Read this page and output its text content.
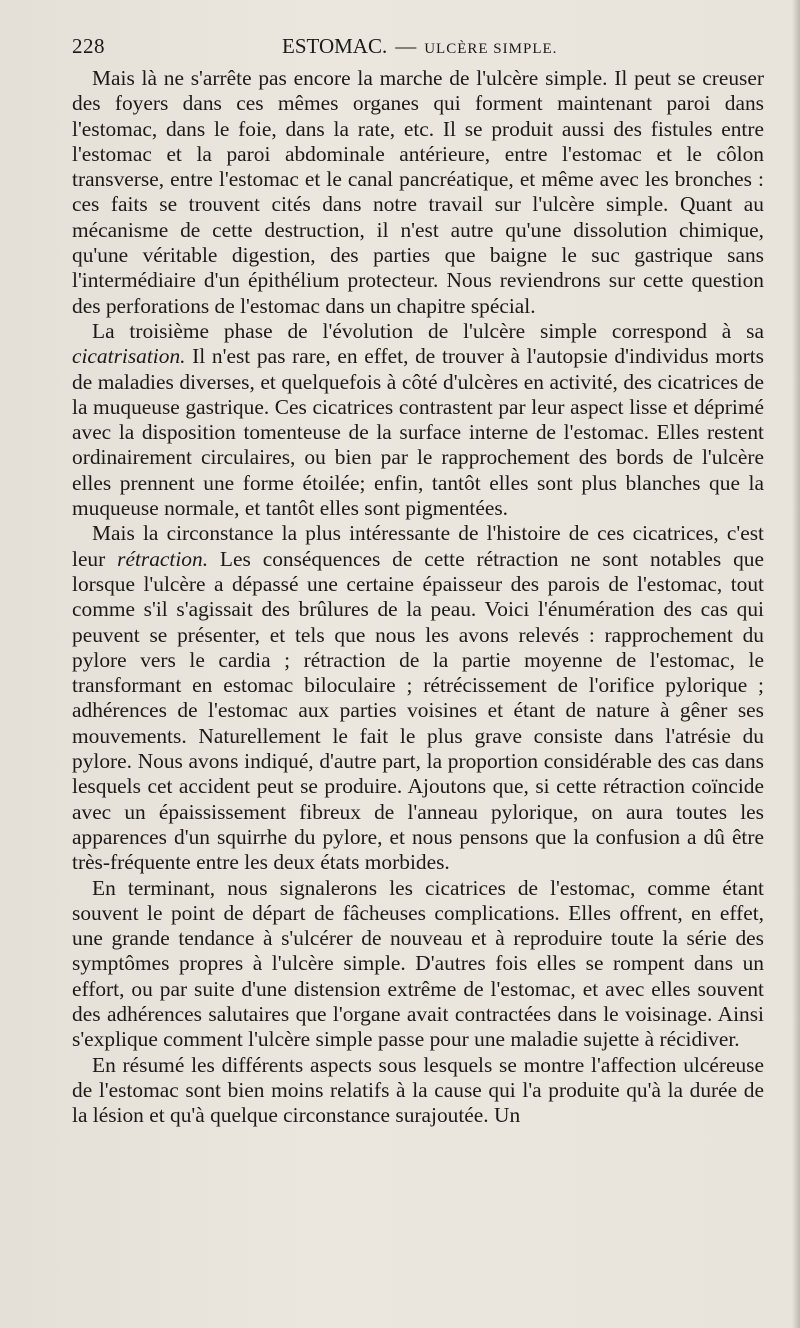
228	ESTOMAC. — ULCÈRE SIMPLE.

Mais là ne s'arrête pas encore la marche de l'ulcère simple. Il peut se creuser des foyers dans ces mêmes organes qui forment maintenant paroi dans l'estomac, dans le foie, dans la rate, etc. Il se produit aussi des fistules entre l'estomac et la paroi abdominale antérieure, entre l'estomac et le côlon transverse, entre l'estomac et le canal pancréatique, et même avec les bronches : ces faits se trouvent cités dans notre travail sur l'ulcère simple. Quant au mécanisme de cette destruction, il n'est autre qu'une dissolution chimique, qu'une véritable digestion, des parties que baigne le suc gastrique sans l'intermédiaire d'un épithélium protecteur. Nous reviendrons sur cette question des perforations de l'estomac dans un chapitre spécial.

La troisième phase de l'évolution de l'ulcère simple correspond à sa cicatrisation. Il n'est pas rare, en effet, de trouver à l'autopsie d'individus morts de maladies diverses, et quelquefois à côté d'ulcères en activité, des cicatrices de la muqueuse gastrique. Ces cicatrices contrastent par leur aspect lisse et déprimé avec la disposition tomenteuse de la surface interne de l'estomac. Elles restent ordinairement circulaires, ou bien par le rapprochement des bords de l'ulcère elles prennent une forme étoilée; enfin, tantôt elles sont plus blanches que la muqueuse normale, et tantôt elles sont pigmentées.

Mais la circonstance la plus intéressante de l'histoire de ces cicatrices, c'est leur rétraction. Les conséquences de cette rétraction ne sont notables que lorsque l'ulcère a dépassé une certaine épaisseur des parois de l'estomac, tout comme s'il s'agissait des brûlures de la peau. Voici l'énumération des cas qui peuvent se présenter, et tels que nous les avons relevés : rapprochement du pylore vers le cardia ; rétraction de la partie moyenne de l'estomac, le transformant en estomac biloculaire ; rétrécissement de l'orifice pylorique ; adhérences de l'estomac aux parties voisines et étant de nature à gêner ses mouvements. Naturellement le fait le plus grave consiste dans l'atrésie du pylore. Nous avons indiqué, d'autre part, la proportion considérable des cas dans lesquels cet accident peut se produire. Ajoutons que, si cette rétraction coïncide avec un épaississement fibreux de l'anneau pylorique, on aura toutes les apparences d'un squirrhe du pylore, et nous pensons que la confusion a dû être très-fréquente entre les deux états morbides.

En terminant, nous signalerons les cicatrices de l'estomac, comme étant souvent le point de départ de fâcheuses complications. Elles offrent, en effet, une grande tendance à s'ulcérer de nouveau et à reproduire toute la série des symptômes propres à l'ulcère simple. D'autres fois elles se rompent dans un effort, ou par suite d'une distension extrême de l'estomac, et avec elles souvent des adhérences salutaires que l'organe avait contractées dans le voisinage. Ainsi s'explique comment l'ulcère simple passe pour une maladie sujette à récidiver.

En résumé les différents aspects sous lesquels se montre l'affection ulcéreuse de l'estomac sont bien moins relatifs à la cause qui l'a produite qu'à la durée de la lésion et qu'à quelque circonstance surajoutée. Un
